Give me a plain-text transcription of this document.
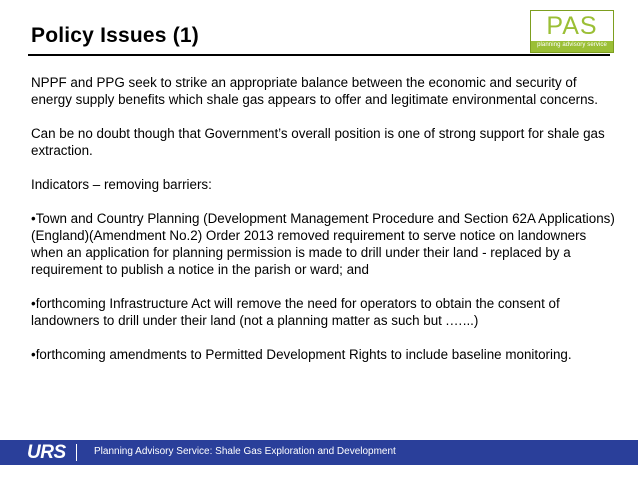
Policy Issues (1)	PAS
planning advisory service

NPPF and PPG seek to strike an appropriate balance between the economic and security of energy supply benefits which shale gas appears to offer and legitimate environmental concerns.

Can be no doubt though that Government’s overall position is one of strong support for shale gas extraction.

Indicators – removing barriers:

•Town and Country Planning (Development Management Procedure and Section 62A Applications)(England)(Amendment No.2) Order 2013 removed requirement to serve notice on landowners when an application for planning permission is made to drill under their land - replaced by a requirement to publish a notice in the parish or ward; and

•forthcoming Infrastructure Act will remove the need for operators to obtain the consent of landowners to drill under their land (not a planning matter as such but .…...)

•forthcoming amendments to Permitted Development Rights to include baseline monitoring.

URS	Planning Advisory Service: Shale Gas Exploration and Development
